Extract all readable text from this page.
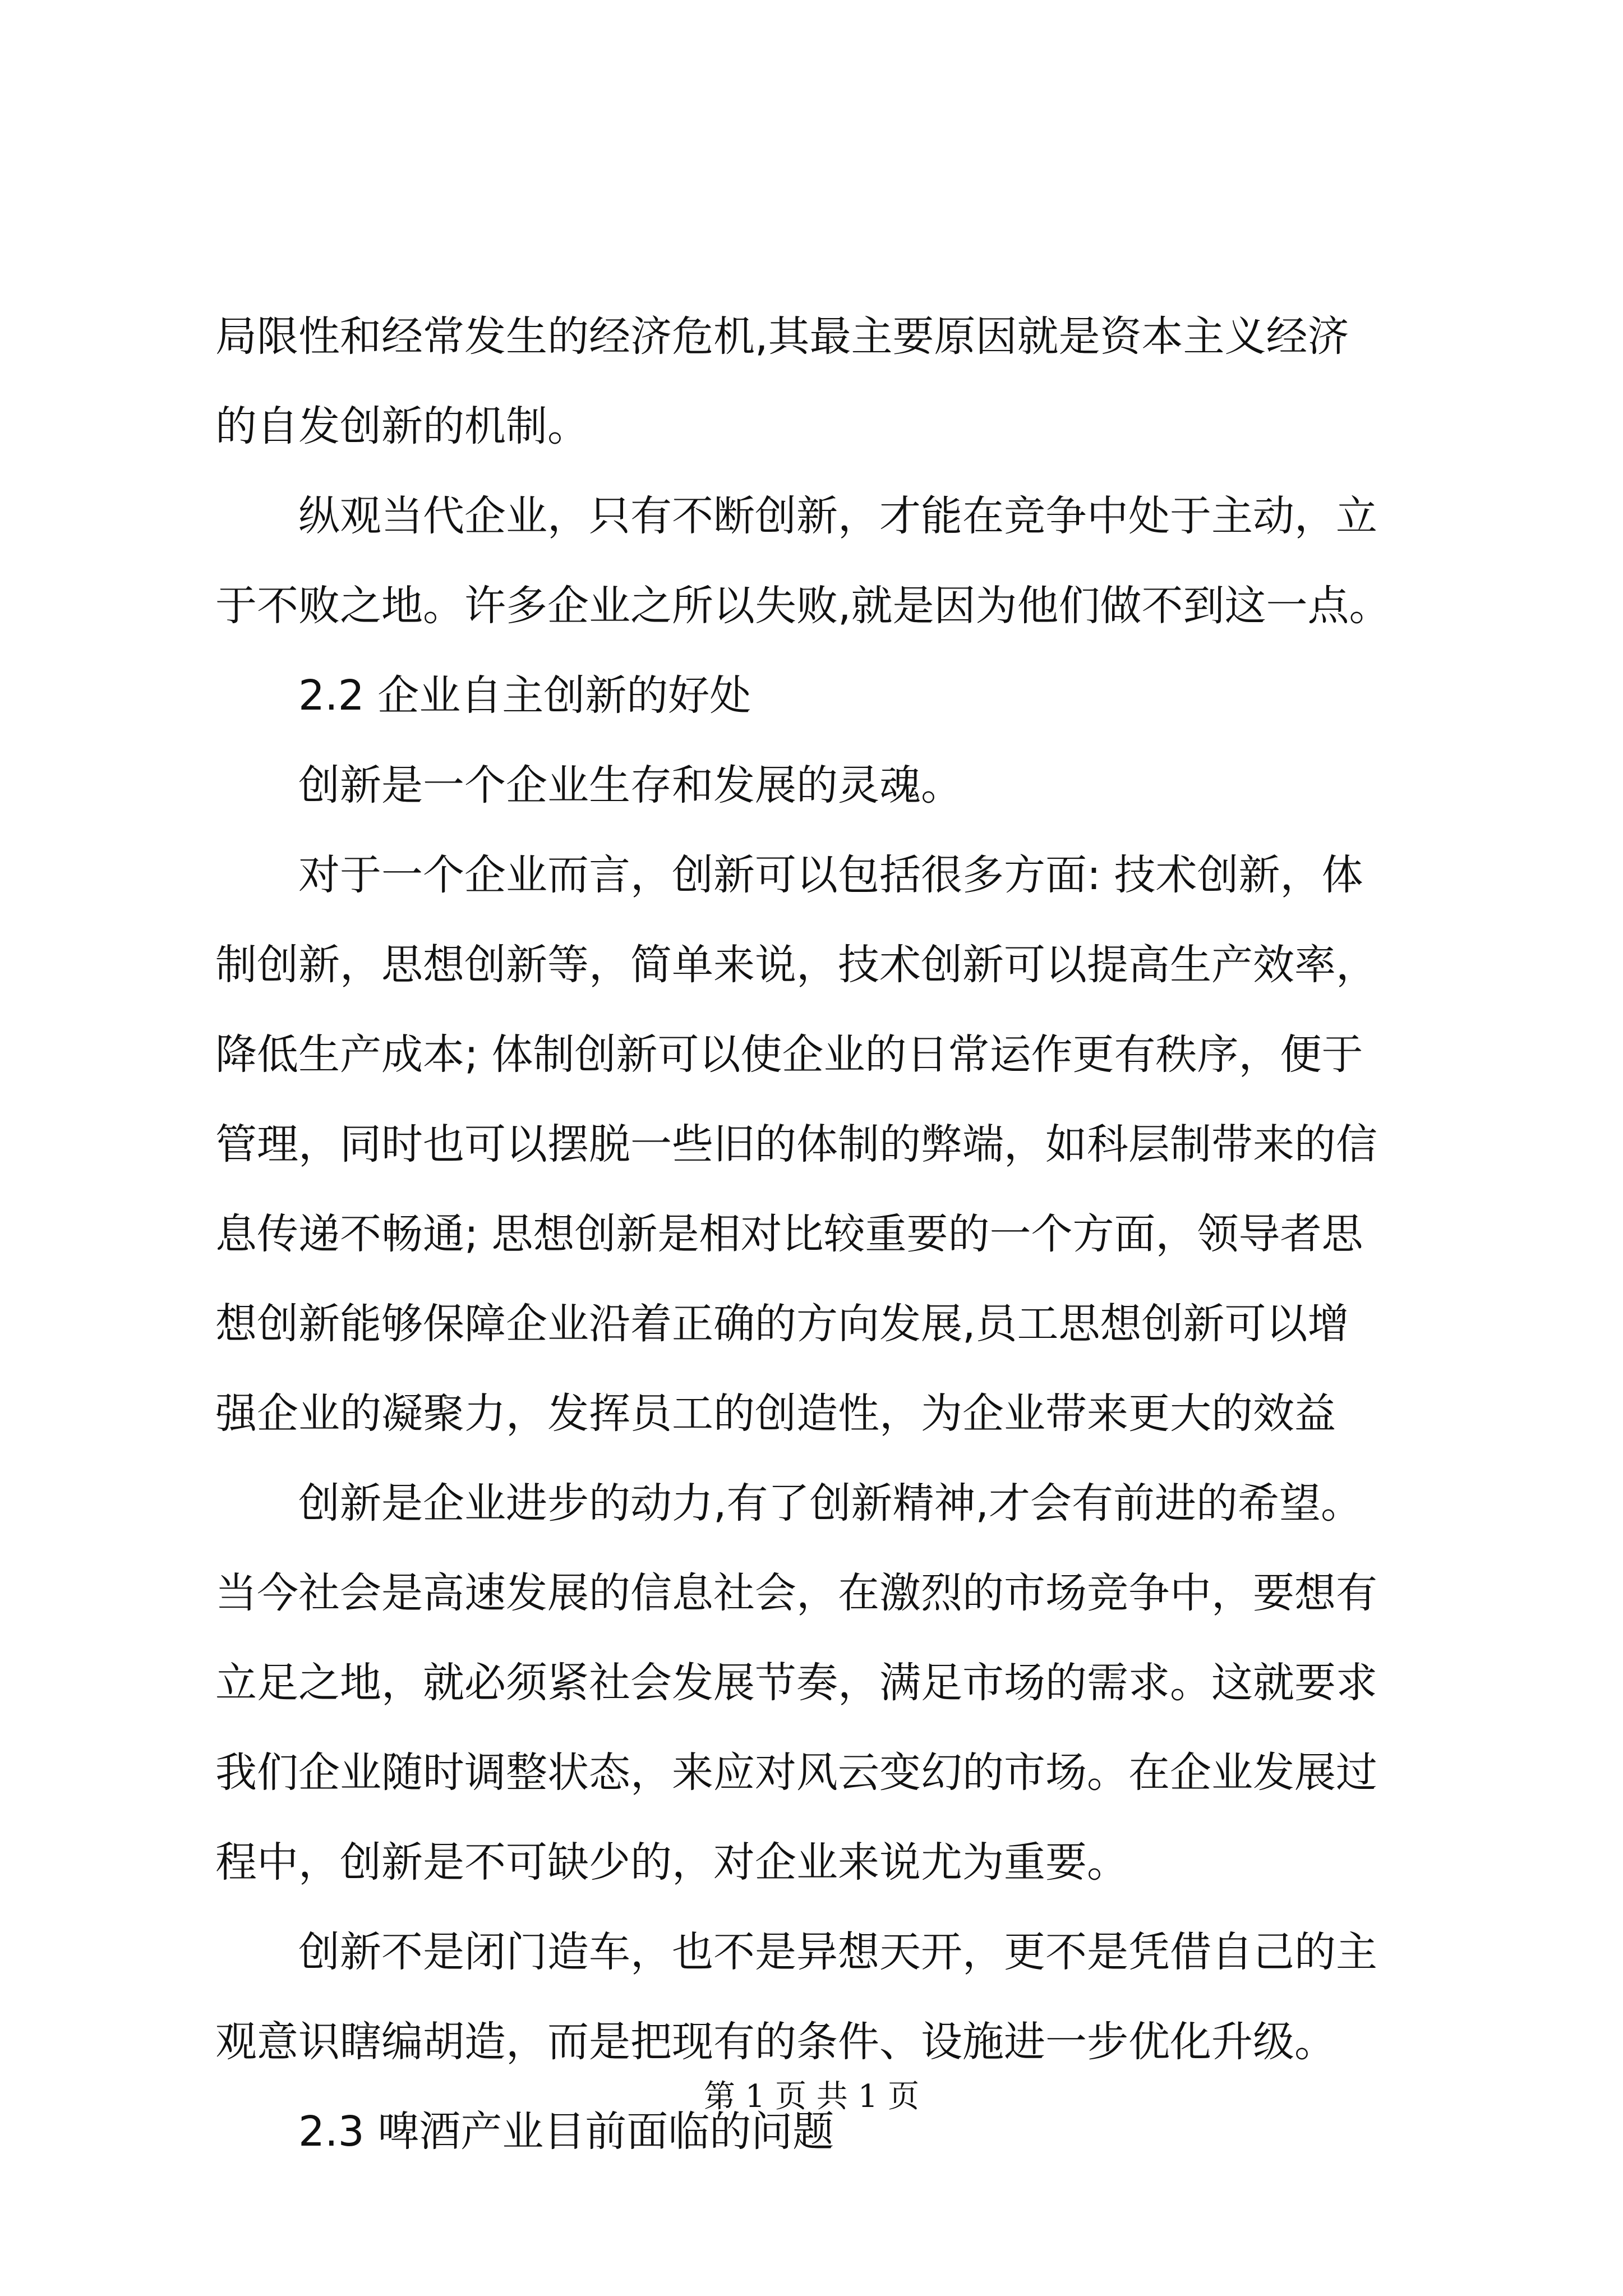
局限性和经常发生的经济危机,其最主要原因就是资本主义经济
的自发创新的机制。
纵观当代企业，只有不断创新，才能在竞争中处于主动，立
于不败之地。许多企业之所以失败,就是因为他们做不到这一点。
2.2 企业自主创新的好处
创新是一个企业生存和发展的灵魂。
对于一个企业而言，创新可以包括很多方面: 技术创新，体
制创新，思想创新等，简单来说，技术创新可以提高生产效率，
降低生产成本; 体制创新可以使企业的日常运作更有秩序，便于
管理，同时也可以摆脱一些旧的体制的弊端，如科层制带来的信
息传递不畅通; 思想创新是相对比较重要的一个方面，领导者思
想创新能够保障企业沿着正确的方向发展,员工思想创新可以增
强企业的凝聚力，发挥员工的创造性，为企业带来更大的效益
创新是企业进步的动力,有了创新精神,才会有前进的希望。
当今社会是高速发展的信息社会，在激烈的市场竞争中，要想有
立足之地，就必须紧社会发展节奏，满足市场的需求。这就要求
我们企业随时调整状态，来应对风云变幻的市场。在企业发展过
程中，创新是不可缺少的，对企业来说尤为重要。
创新不是闭门造车，也不是异想天开，更不是凭借自己的主
观意识瞎编胡造，而是把现有的条件、设施进一步优化升级。
2.3 啤酒产业目前面临的问题
第 1 页 共 1 页
